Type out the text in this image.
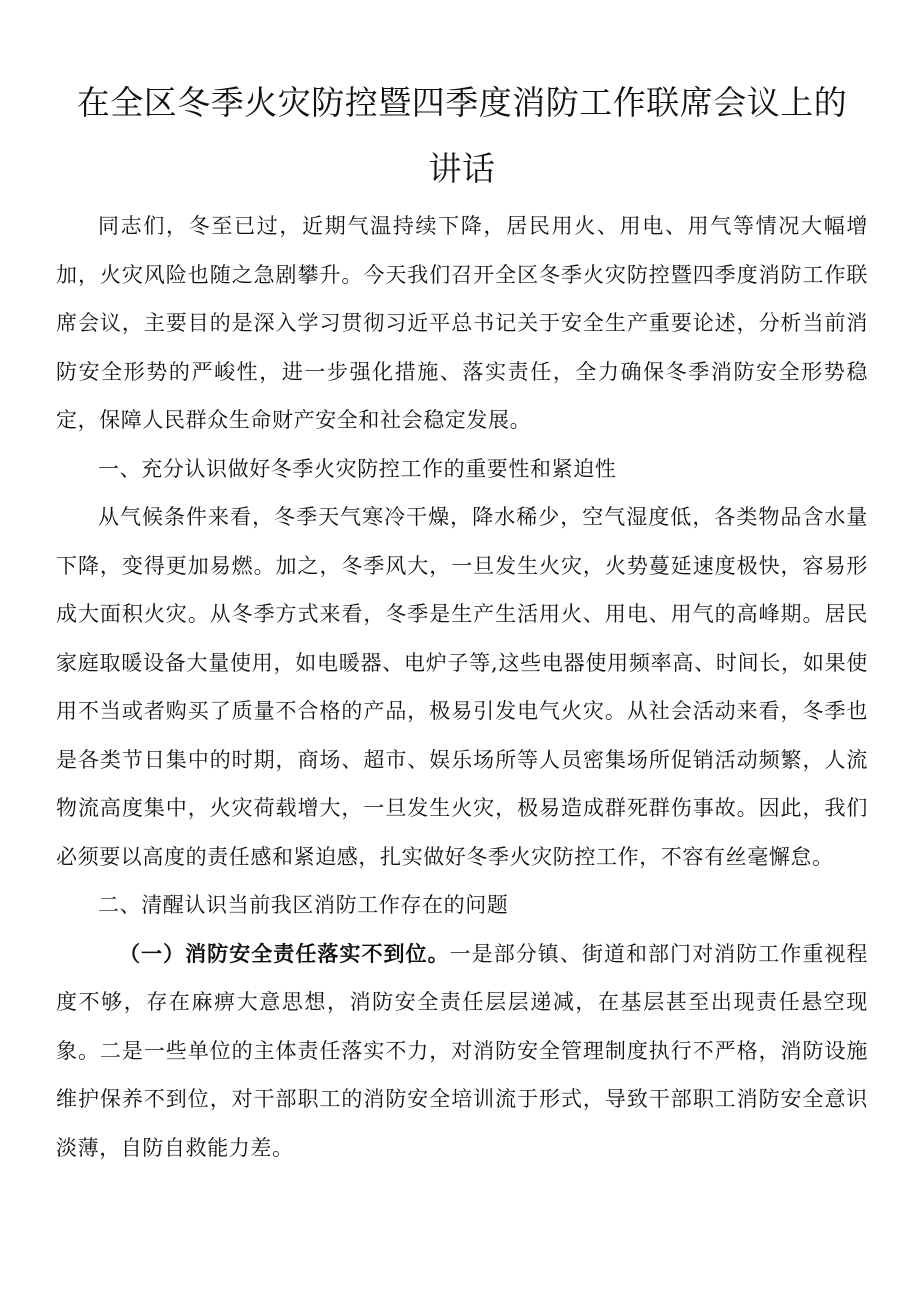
在全区冬季火灾防控暨四季度消防工作联席会议上的
讲话

同志们，冬至已过，近期气温持续下降，居民用火、用电、用气等情况大幅增加，火灾风险也随之急剧攀升。今天我们召开全区冬季火灾防控暨四季度消防工作联席会议，主要目的是深入学习贯彻习近平总书记关于安全生产重要论述，分析当前消防安全形势的严峻性，进一步强化措施、落实责任，全力确保冬季消防安全形势稳定，保障人民群众生命财产安全和社会稳定发展。

一、充分认识做好冬季火灾防控工作的重要性和紧迫性

从气候条件来看，冬季天气寒冷干燥，降水稀少，空气湿度低，各类物品含水量下降，变得更加易燃。加之，冬季风大，一旦发生火灾，火势蔓延速度极快，容易形成大面积火灾。从冬季方式来看，冬季是生产生活用火、用电、用气的高峰期。居民家庭取暖设备大量使用，如电暖器、电炉子等,这些电器使用频率高、时间长，如果使用不当或者购买了质量不合格的产品，极易引发电气火灾。从社会活动来看，冬季也是各类节日集中的时期，商场、超市、娱乐场所等人员密集场所促销活动频繁，人流物流高度集中，火灾荷载增大，一旦发生火灾，极易造成群死群伤事故。因此，我们必须要以高度的责任感和紧迫感，扎实做好冬季火灾防控工作，不容有丝毫懈怠。

二、清醒认识当前我区消防工作存在的问题

（一）消防安全责任落实不到位。一是部分镇、街道和部门对消防工作重视程度不够，存在麻痹大意思想，消防安全责任层层递减，在基层甚至出现责任悬空现象。二是一些单位的主体责任落实不力，对消防安全管理制度执行不严格，消防设施维护保养不到位，对干部职工的消防安全培训流于形式，导致干部职工消防安全意识淡薄，自防自救能力差。
